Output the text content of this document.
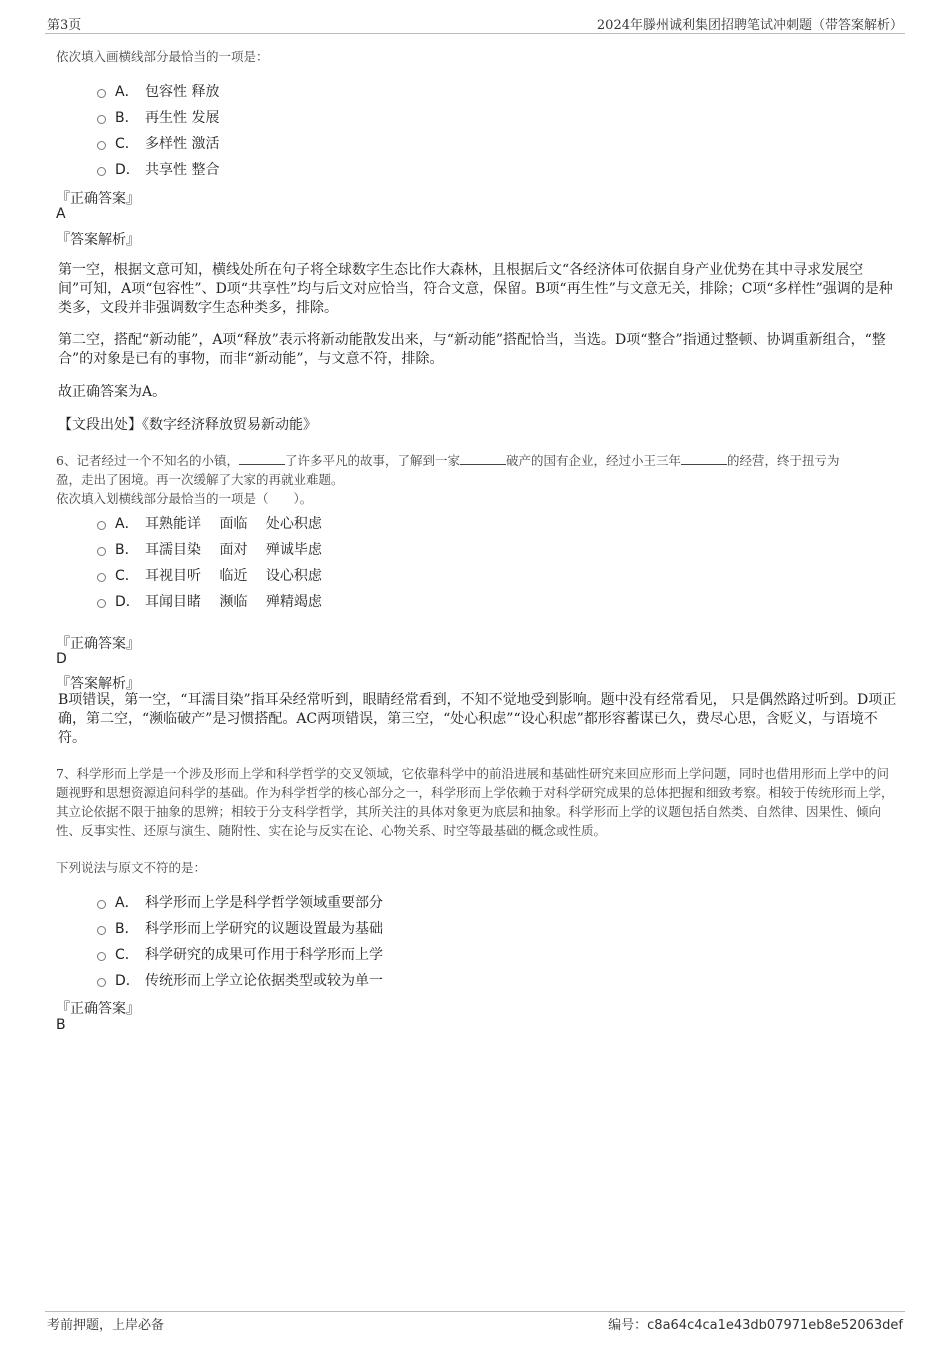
第3页	2024年滕州诚利集团招聘笔试冲刺题（带答案解析）
依次填入画横线部分最恰当的一项是：
A． 包容性 释放
B． 再生性 发展
C． 多样性 激活
D． 共享性 整合
『正确答案』
A
『答案解析』
第一空，根据文意可知，横线处所在句子将全球数字生态比作大森林，且根据后文“各经济体可依据自身产业优势在其中寻求发展空间”可知，A项“包容性”、D项“共享性”均与后文对应恰当，符合文意，保留。B项“再生性”与文意无关，排除；C项“多样性”强调的是种类多，文段并非强调数字生态种类多，排除。
第二空，搭配“新动能”，A项“释放”表示将新动能散发出来，与“新动能”搭配恰当，当选。D项“整合”指通过整顿、协调重新组合，“整合”的对象是已有的事物，而非“新动能”，与文意不符，排除。
故正确答案为A。
【文段出处】《数字经济释放贸易新动能》
6、记者经过一个不知名的小镇，	了许多平凡的故事，了解到一家	破产的国有企业，经过小王三年	的经营，终于扭亏为
盈，走出了困境。再一次缓解了大家的再就业难题。
依次填入划横线部分最恰当的一项是（　　）。
A． 耳熟能详　 面临　 处心积虑
B． 耳濡目染　 面对　 殚诚毕虑
C． 耳视目听　 临近　 设心积虑
D． 耳闻目睹　 濒临　 殚精竭虑
『正确答案』
D
『答案解析』
B项错误，第一空，“耳濡目染”指耳朵经常听到，眼睛经常看到，不知不觉地受到影响。题中没有经常看见， 只是偶然路过听到。D项正确，第二空，“濒临破产”是习惯搭配。AC两项错误，第三空，“处心积虑”“设心积虑”都形容蓄谋已久，费尽心思，含贬义，与语境不符。
7、科学形而上学是一个涉及形而上学和科学哲学的交叉领域，它依靠科学中的前沿进展和基础性研究来回应形而上学问题，同时也借用形而上学中的问题视野和思想资源追问科学的基础。作为科学哲学的核心部分之一，科学形而上学依赖于对科学研究成果的总体把握和细致考察。相较于传统形而上学，其立论依据不限于抽象的思辨；相较于分支科学哲学，其所关注的具体对象更为底层和抽象。科学形而上学的议题包括自然类、自然律、因果性、倾向性、反事实性、还原与演生、随附性、实在论与反实在论、心物关系、时空等最基础的概念或性质。
下列说法与原文不符的是：
A． 科学形而上学是科学哲学领域重要部分
B． 科学形而上学研究的议题设置最为基础
C． 科学研究的成果可作用于科学形而上学
D． 传统形而上学立论依据类型或较为单一
『正确答案』
B
考前押题，上岸必备	编号：c8a64c4ca1e43db07971eb8e52063def
